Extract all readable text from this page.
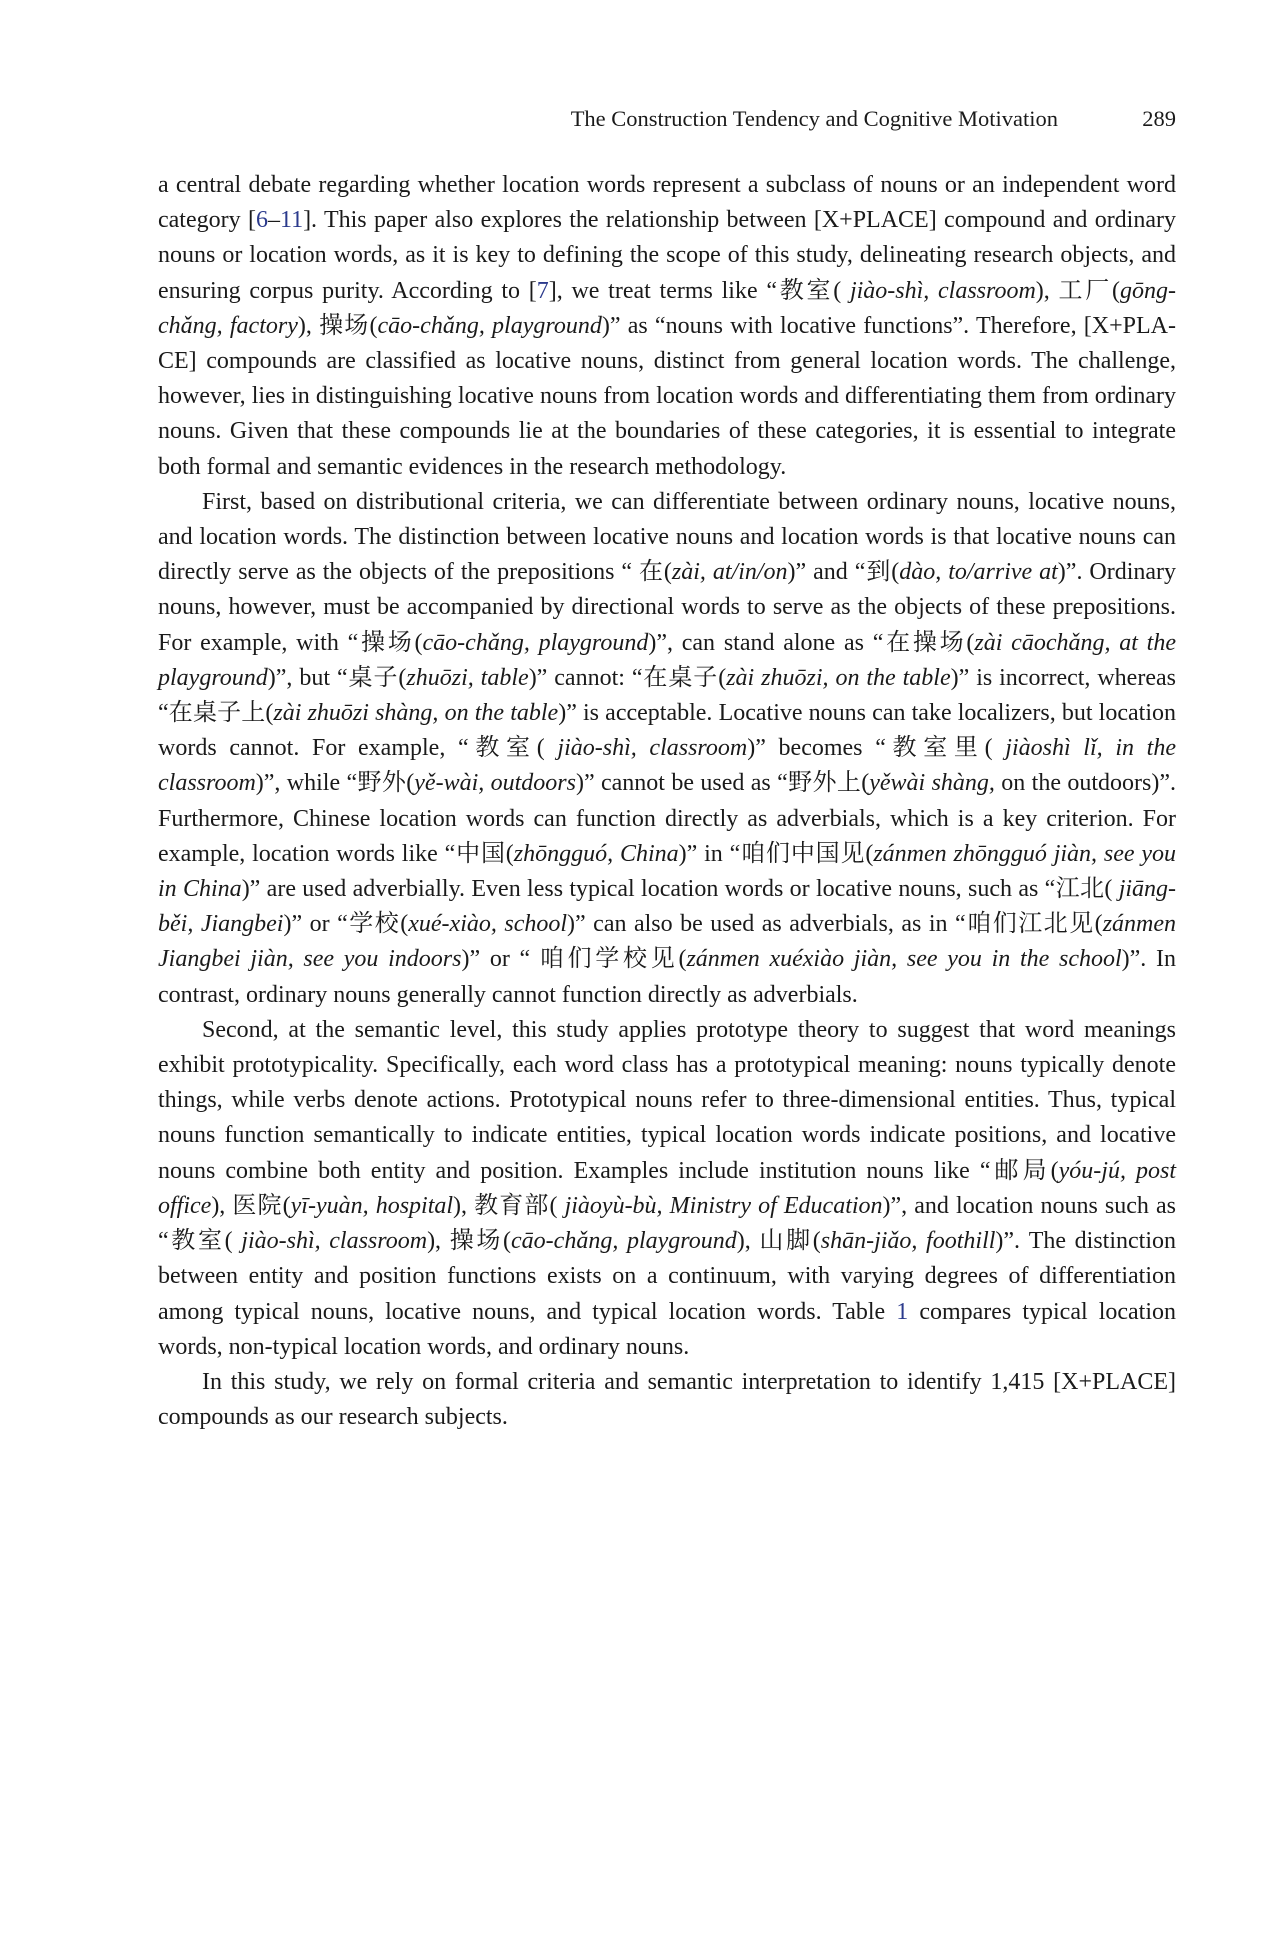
The Construction Tendency and Cognitive Motivation	289

a central debate regarding whether location words represent a subclass of nouns or an independent word category [6–11]. This paper also explores the relationship between [X+PLACE] compound and ordinary nouns or location words, as it is key to defining the scope of this study, delineating research objects, and ensuring corpus purity. According to [7], we treat terms like “教室( jiào-shì, classroom), 工厂(gōng-chǎng, factory), 操场(cāo-chǎng, playground)” as “nouns with locative functions”. Therefore, [X+PLA-CE] compounds are classified as locative nouns, distinct from general location words. The challenge, however, lies in distinguishing locative nouns from location words and differentiating them from ordinary nouns. Given that these compounds lie at the boundaries of these categories, it is essential to integrate both formal and semantic evidences in the research methodology.

First, based on distributional criteria, we can differentiate between ordinary nouns, locative nouns, and location words. The distinction between locative nouns and location words is that locative nouns can directly serve as the objects of the prepositions “ 在(zài, at/in/on)” and “到(dào, to/arrive at)”. Ordinary nouns, however, must be accompanied by directional words to serve as the objects of these prepositions. For example, with “操场(cāo-chǎng, playground)”, can stand alone as “在操场(zài cāochǎng, at the playground)”, but “桌子(zhuōzi, table)” cannot: “在桌子(zài zhuōzi, on the table)” is incorrect, whereas “在桌子上(zài zhuōzi shàng, on the table)” is acceptable. Locative nouns can take localizers, but location words cannot. For example, “教室( jiào-shì, classroom)” becomes “教室里( jiàoshì lǐ, in the classroom)”, while “野外(yě-wài, outdoors)” cannot be used as “野外上(yěwài shàng, on the outdoors)”. Furthermore, Chinese location words can function directly as adverbials, which is a key criterion. For example, location words like “中国(zhōngguó, China)” in “咱们中国见(zánmen zhōngguó jiàn, see you in China)” are used adverbially. Even less typical location words or locative nouns, such as “江北( jiāng-běi, Jiangbei)” or “学校(xué-xiào, school)” can also be used as adverbials, as in “咱们江北见(zánmen Jiangbei jiàn, see you indoors)” or “ 咱们学校见(zánmen xuéxiào jiàn, see you in the school)”. In contrast, ordinary nouns generally cannot function directly as adverbials.

Second, at the semantic level, this study applies prototype theory to suggest that word meanings exhibit prototypicality. Specifically, each word class has a prototypical meaning: nouns typically denote things, while verbs denote actions. Prototypical nouns refer to three-dimensional entities. Thus, typical nouns function semantically to indicate entities, typical location words indicate positions, and locative nouns combine both entity and position. Examples include institution nouns like “邮局(yóu-jú, post office), 医院(yī-yuàn, hospital), 教育部( jiàoyù-bù, Ministry of Education)”, and location nouns such as “教室( jiào-shì, classroom), 操场(cāo-chǎng, playground), 山脚(shān-jiǎo, foothill)”. The distinction between entity and position functions exists on a continuum, with varying degrees of differentiation among typical nouns, locative nouns, and typical location words. Table 1 compares typical location words, non-typical location words, and ordinary nouns.

In this study, we rely on formal criteria and semantic interpretation to identify 1,415 [X+PLACE] compounds as our research subjects.
